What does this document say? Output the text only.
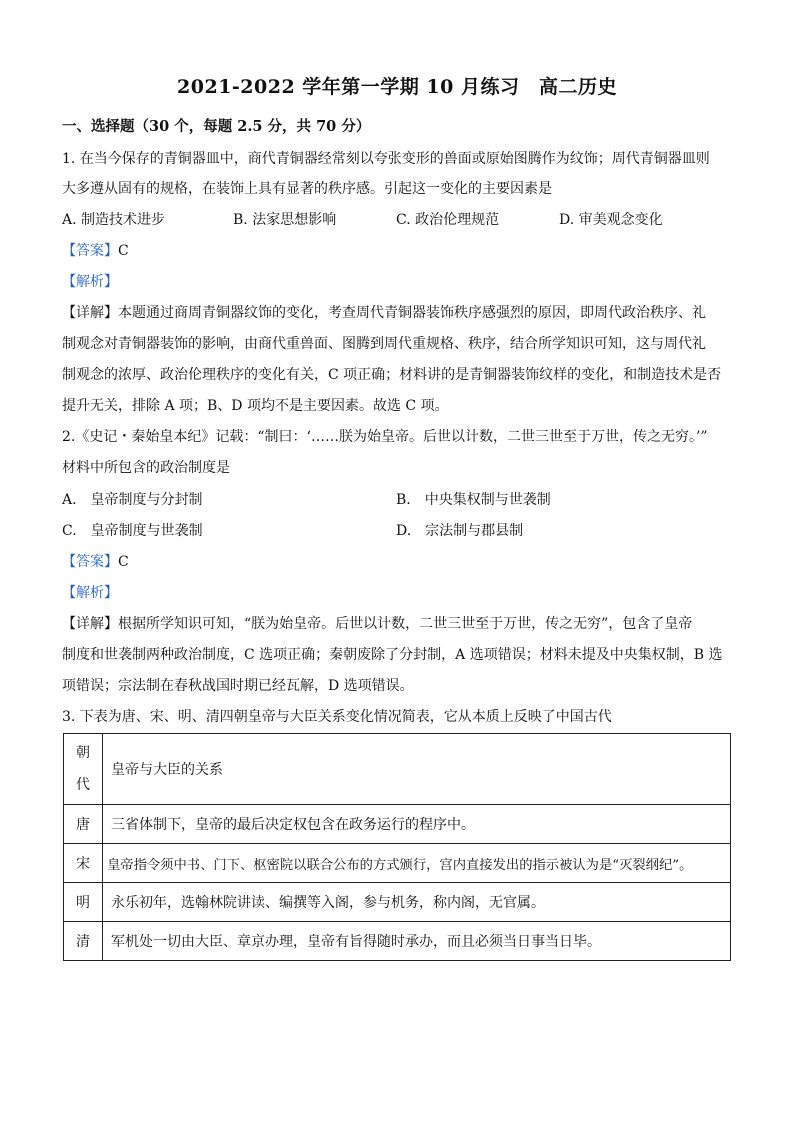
2021-2022 学年第一学期 10 月练习　高二历史
一、选择题（30 个，每题 2.5 分，共 70 分）
1. 在当今保存的青铜器皿中，商代青铜器经常刻以夸张变形的兽面或原始图腾作为纹饰；周代青铜器皿则
大多遵从固有的规格，在装饰上具有显著的秩序感。引起这一变化的主要因素是
A. 制造技术进步	B. 法家思想影响	C. 政治伦理规范	D. 审美观念变化
【答案】C
【解析】
【详解】本题通过商周青铜器纹饰的变化，考查周代青铜器装饰秩序感强烈的原因，即周代政治秩序、礼
制观念对青铜器装饰的影响，由商代重兽面、图腾到周代重规格、秩序，结合所学知识可知，这与周代礼
制观念的浓厚、政治伦理秩序的变化有关，C 项正确；材料讲的是青铜器装饰纹样的变化，和制造技术是否
提升无关，排除 A 项；B、D 项均不是主要因素。故选 C 项。
2.《史记・秦始皇本纪》记载：“制曰：‘……朕为始皇帝。后世以计数，二世三世至于万世，传之无穷。’”
材料中所包含的政治制度是
A.　皇帝制度与分封制	B.　中央集权制与世袭制
C.　皇帝制度与世袭制	D.　宗法制与郡县制
【答案】C
【解析】
【详解】根据所学知识可知，“朕为始皇帝。后世以计数，二世三世至于万世，传之无穷”，包含了皇帝
制度和世袭制两种政治制度，C 选项正确；秦朝废除了分封制，A 选项错误；材料未提及中央集权制，B 选
项错误；宗法制在春秋战国时期已经瓦解，D 选项错误。
3. 下表为唐、宋、明、清四朝皇帝与大臣关系变化情况简表，它从本质上反映了中国古代
朝
代	皇帝与大臣的关系
唐	三省体制下，皇帝的最后决定权包含在政务运行的程序中。
宋	皇帝指令须中书、门下、枢密院以联合公布的方式颁行，宫内直接发出的指示被认为是“灭裂纲纪”。
明	永乐初年，选翰林院讲读、编撰等入阁，参与机务，称内阁，无官属。
清	军机处一切由大臣、章京办理，皇帝有旨得随时承办，而且必须当日事当日毕。
